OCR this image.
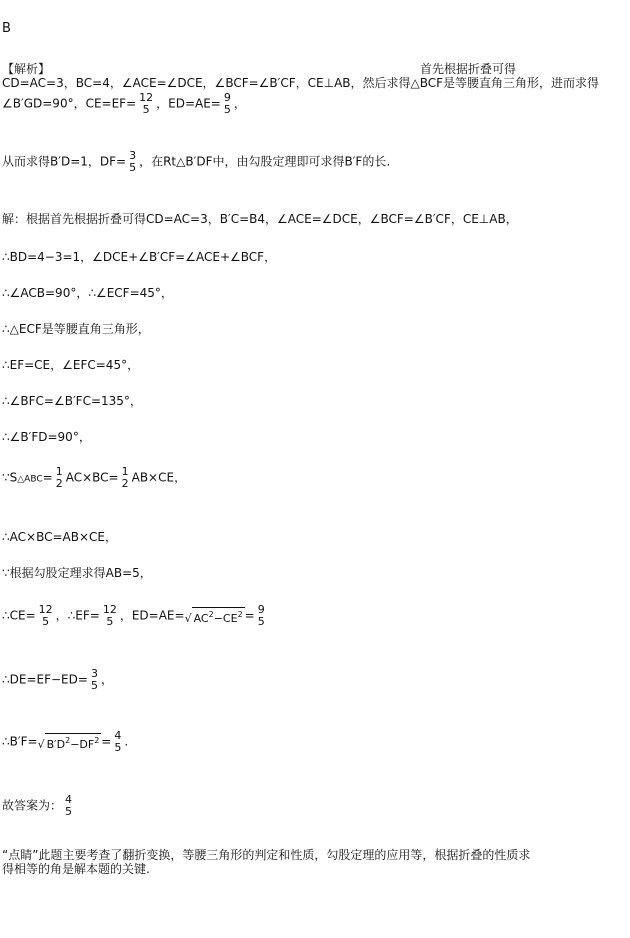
B
【解析】	首先根据折叠可得
CD=AC=3，BC=4，∠ACE=∠DCE，∠BCF=∠B′CF，CE⊥AB，然后求得△BCF是等腰直角三角形，进而求得
∠B′GD=90°，CE=EF= 12
5 ，ED=AE= 9
5 ，
从而求得B′D=1，DF= 3
5 ，在Rt△B′DF中，由勾股定理即可求得B′F的长.
解：根据首先根据折叠可得CD=AC=3，B′C=B4，∠ACE=∠DCE，∠BCF=∠B′CF，CE⊥AB，
∴BD=4−3=1，∠DCE+∠B′CF=∠ACE+∠BCF，
∴∠ACB=90°，∴∠ECF=45°，
∴△ECF是等腰直角三角形，
∴EF=CE，∠EFC=45°，
∴∠BFC=∠B′FC=135°，
∴∠B′FD=90°，
∵S△ABC= 1
2 AC×BC= 1
2 AB×CE，
∴AC×BC=AB×CE，
∵根据勾股定理求得AB=5，
∴CE= 12
5 ，∴EF= 12
5 ，ED=AE=√ $AC^2-CE^2 = 9$
5
∴DE=EF−ED= 3
5 ，
∴B′F=√ $B'D^2-DF^2 = 4$
5 .
故答案为： 4
5
“点睛”此题主要考查了翻折变换，等腰三角形的判定和性质，勾股定理的应用等，根据折叠的性质求
得相等的角是解本题的关键.
